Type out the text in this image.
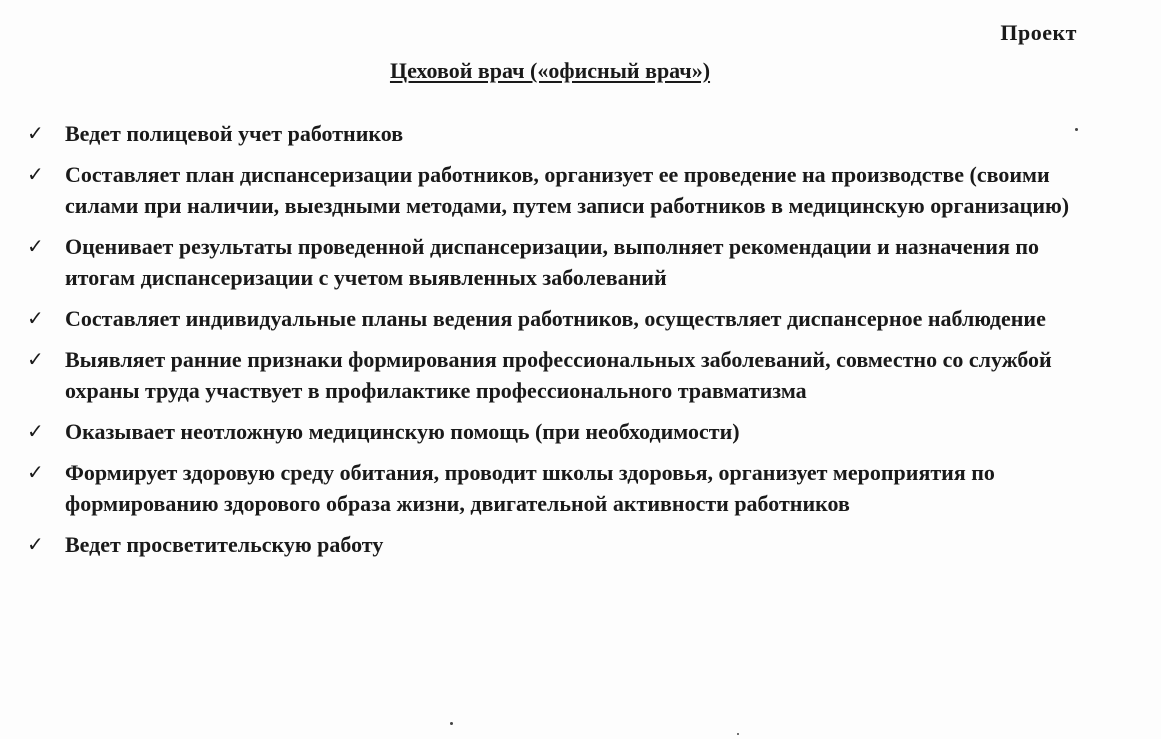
Проект
Цеховой врач («офисный врач»)
✓ Ведет полицевой учет работников
✓ Составляет план диспансеризации работников, организует ее проведение на производстве (своими силами при наличии, выездными методами, путем записи работников в медицинскую организацию)
✓ Оценивает результаты проведенной диспансеризации, выполняет рекомендации и назначения по итогам диспансеризации с учетом выявленных заболеваний
✓ Составляет индивидуальные планы ведения работников, осуществляет диспансерное наблюдение
✓ Выявляет ранние признаки формирования профессиональных заболеваний, совместно со службой охраны труда участвует в профилактике профессионального травматизма
✓ Оказывает неотложную медицинскую помощь (при необходимости)
✓ Формирует здоровую среду обитания, проводит школы здоровья, организует мероприятия по формированию здорового образа жизни, двигательной активности работников
✓ Ведет просветительскую работу
